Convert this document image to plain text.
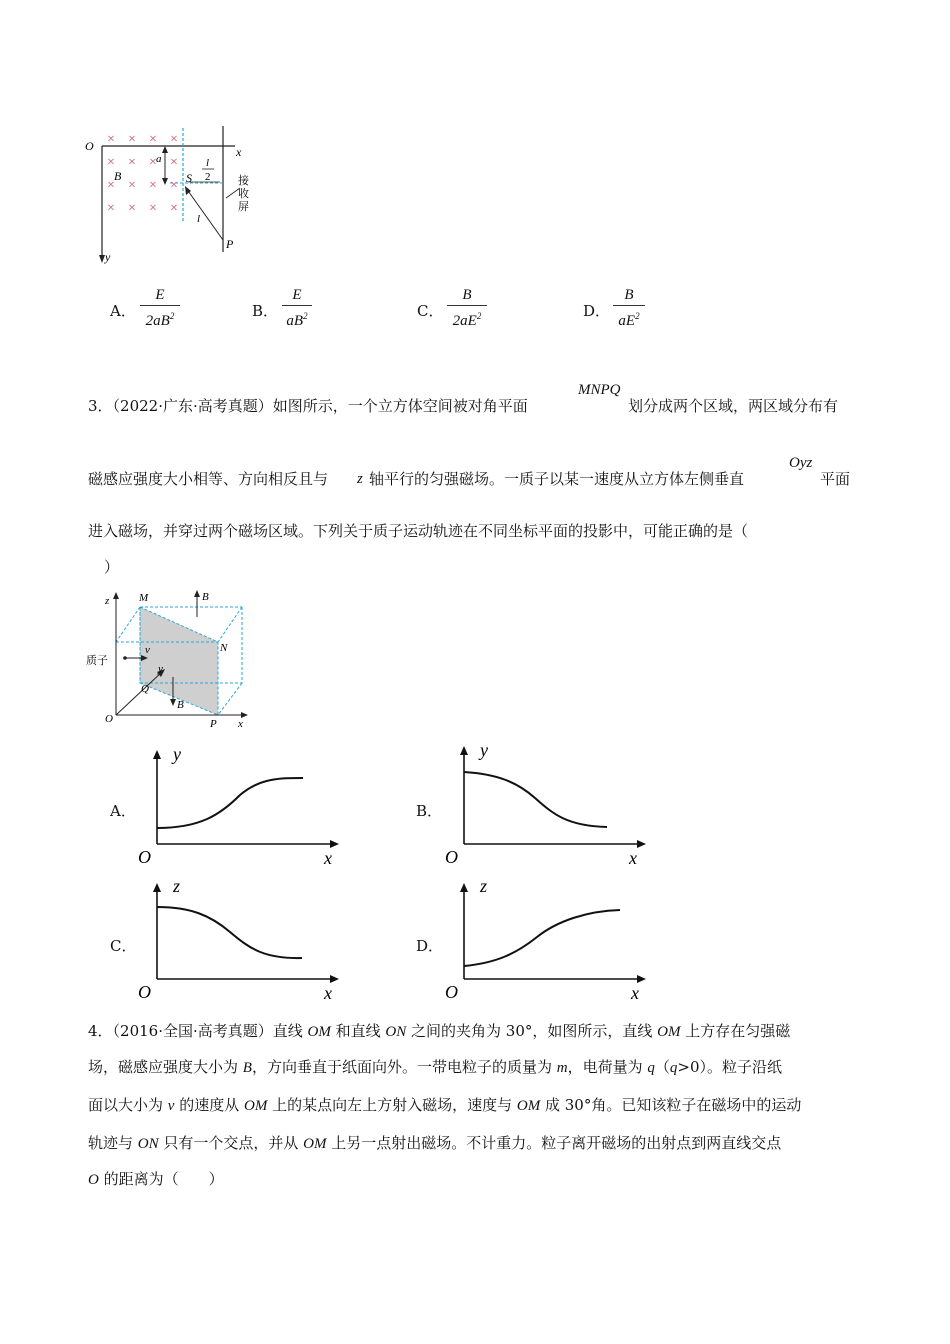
× × × ×
× × × ×
× × × ×
× × × ×
O	x
y
a
B	S
l
2
l
P
接
收
屏
A．
E
$2aB^2$	B．
E
$aB^2$	C．
B
$2aE^2$	D．
B
$aE^2$
3．（2022·广东·高考真题）如图所示，一个立方体空间被对角平面
MNPQ
划分成两个区域，两区域分布有
磁感应强度大小相等、方向相反且与 z 轴平行的匀强磁场。一质子以某一速度从立方体左侧垂直
Oyz
平面
进入磁场，并穿过两个磁场区域。下列关于质子运动轨迹在不同坐标平面的投影中，可能正确的是（
）
z	M	B
N
质子
v
y
Q
B
O	P x
A．
y
O	x
B．
y
O	x
C．
z
O	x
D．
z
O	x
4．（2016·全国·高考真题）直线 OM 和直线 ON 之间的夹角为 30°，如图所示，直线 OM 上方存在匀强磁
场，磁感应强度大小为 B，方向垂直于纸面向外。一带电粒子的质量为 m，电荷量为 q（q>0）。粒子沿纸
面以大小为 v 的速度从 OM 上的某点向左上方射入磁场，速度与 OM 成 30°角。已知该粒子在磁场中的运动
轨迹与 ON 只有一个交点，并从 OM 上另一点射出磁场。不计重力。粒子离开磁场的出射点到两直线交点
O 的距离为（　　）
